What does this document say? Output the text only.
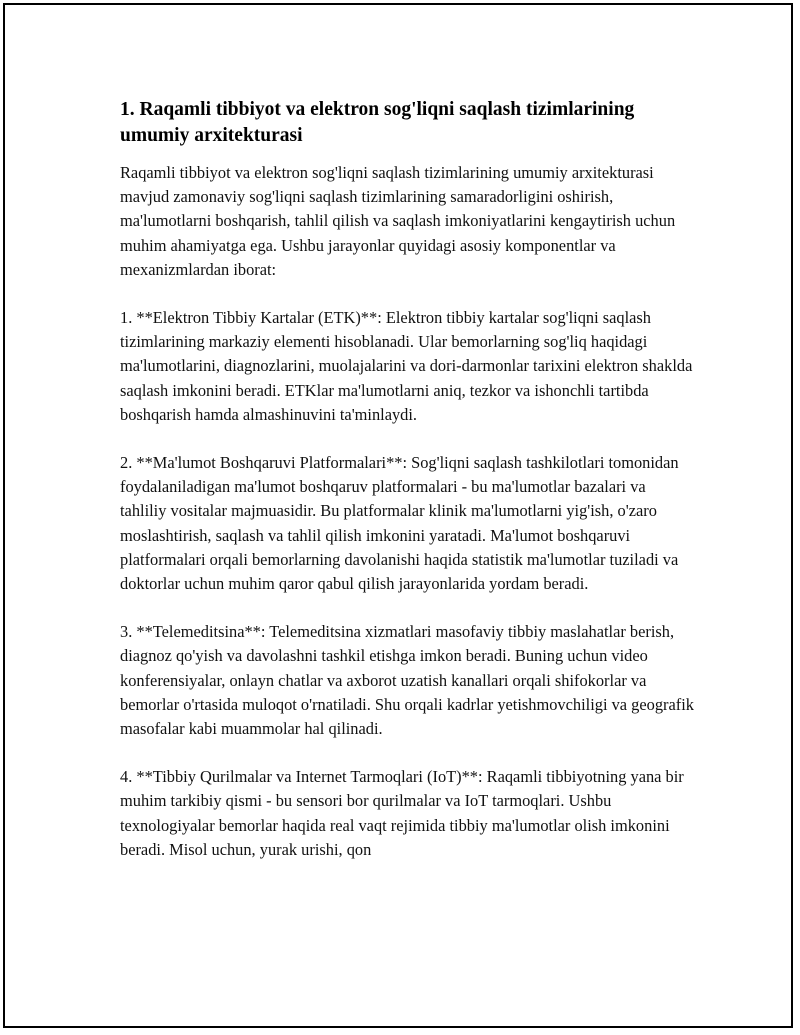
1. Raqamli tibbiyot va elektron sog'liqni saqlash tizimlarining umumiy arxitekturasi

Raqamli tibbiyot va elektron sog'liqni saqlash tizimlarining umumiy arxitekturasi mavjud zamonaviy sog'liqni saqlash tizimlarining samaradorligini oshirish, ma'lumotlarni boshqarish, tahlil qilish va saqlash imkoniyatlarini kengaytirish uchun muhim ahamiyatga ega. Ushbu jarayonlar quyidagi asosiy komponentlar va mexanizmlardan iborat:

1. **Elektron Tibbiy Kartalar (ETK)**: Elektron tibbiy kartalar sog'liqni saqlash tizimlarining markaziy elementi hisoblanadi. Ular bemorlarning sog'liq haqidagi ma'lumotlarini, diagnozlarini, muolajalarini va dori-darmonlar tarixini elektron shaklda saqlash imkonini beradi. ETKlar ma'lumotlarni aniq, tezkor va ishonchli tartibda boshqarish hamda almashinuvini ta'minlaydi.

2. **Ma'lumot Boshqaruvi Platformalari**: Sog'liqni saqlash tashkilotlari tomonidan foydalaniladigan ma'lumot boshqaruv platformalari - bu ma'lumotlar bazalari va tahliliy vositalar majmuasidir. Bu platformalar klinik ma'lumotlarni yig'ish, o'zaro moslashtirish, saqlash va tahlil qilish imkonini yaratadi. Ma'lumot boshqaruvi platformalari orqali bemorlarning davolanishi haqida statistik ma'lumotlar tuziladi va doktorlar uchun muhim qaror qabul qilish jarayonlarida yordam beradi.

3. **Telemeditsina**: Telemeditsina xizmatlari masofaviy tibbiy maslahatlar berish, diagnoz qo'yish va davolashni tashkil etishga imkon beradi. Buning uchun video konferensiyalar, onlayn chatlar va axborot uzatish kanallari orqali shifokorlar va bemorlar o'rtasida muloqot o'rnatiladi. Shu orqali kadrlar yetishmovchiligi va geografik masofalar kabi muammolar hal qilinadi.

4. **Tibbiy Qurilmalar va Internet Tarmoqlari (IoT)**: Raqamli tibbiyotning yana bir muhim tarkibiy qismi - bu sensori bor qurilmalar va IoT tarmoqlari. Ushbu texnologiyalar bemorlar haqida real vaqt rejimida tibbiy ma'lumotlar olish imkonini beradi. Misol uchun, yurak urishi, qon
